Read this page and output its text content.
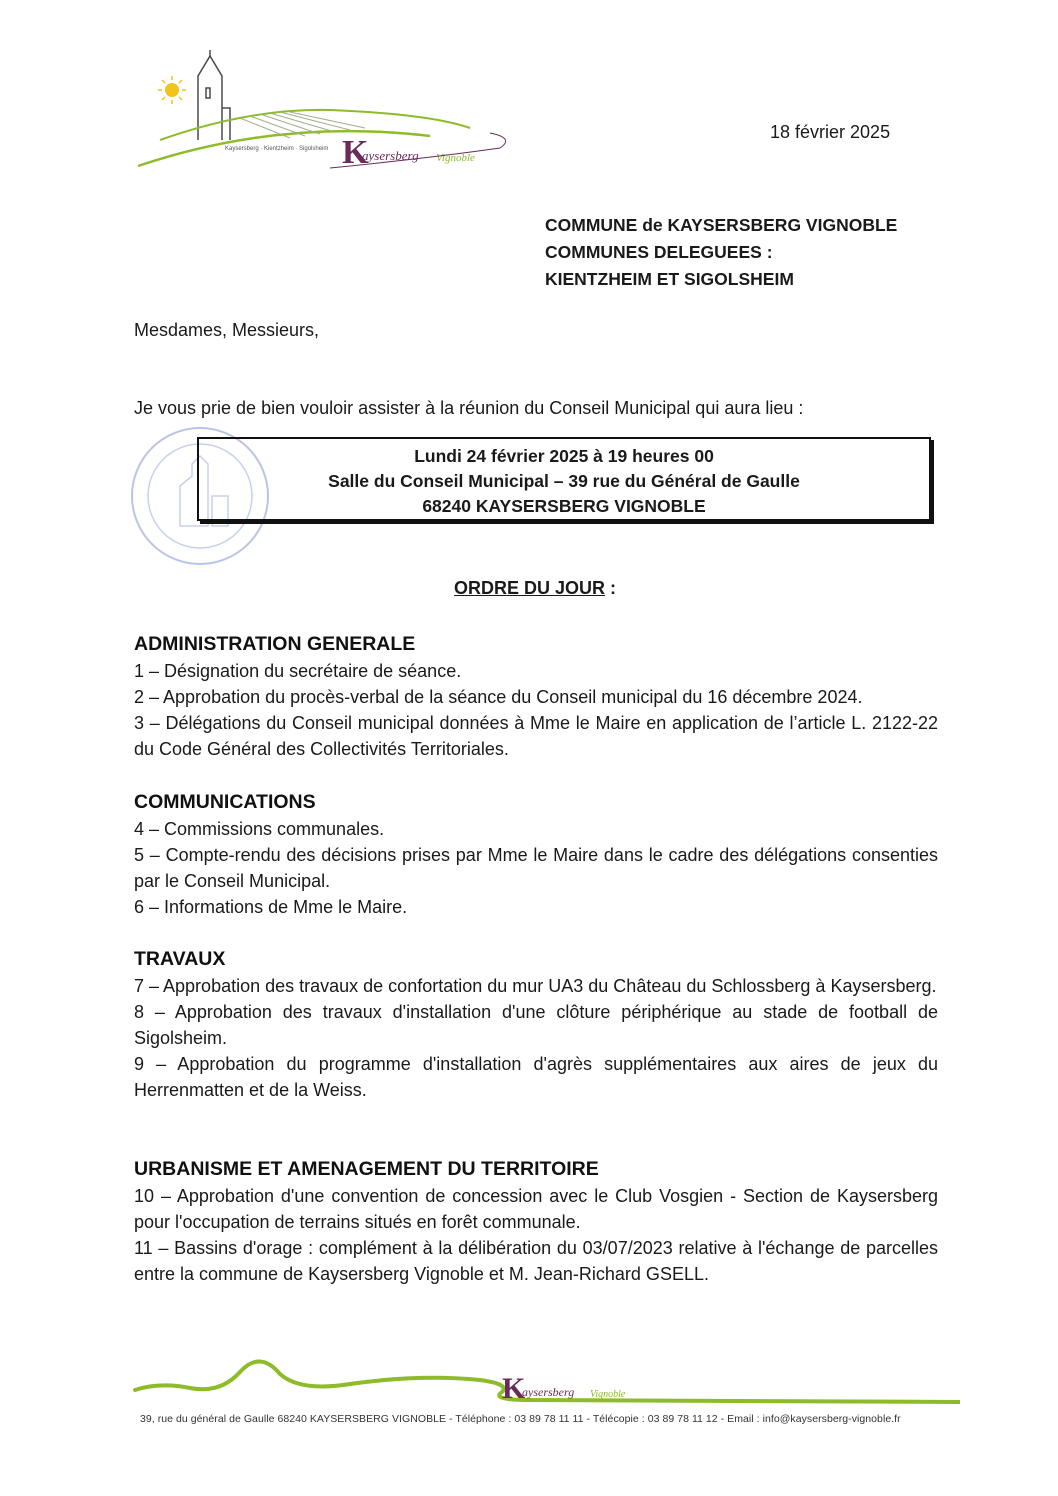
Kaysersberg · Kientzheim · Sigolsheim K
aysersberg Vignoble
18 février 2025
COMMUNE de KAYSERSBERG VIGNOBLE
COMMUNES DELEGUEES :
KIENTZHEIM ET SIGOLSHEIM
Mesdames, Messieurs,
Je vous prie de bien vouloir assister à la réunion du Conseil Municipal qui aura lieu :
Lundi 24 février 2025 à 19 heures 00
Salle du Conseil Municipal – 39 rue du Général de Gaulle
68240 KAYSERSBERG VIGNOBLE
ORDRE DU JOUR :
ADMINISTRATION GENERALE

1 – Désignation du secrétaire de séance.

2 – Approbation du procès-verbal de la séance du Conseil municipal du 16 décembre 2024.

3 – Délégations du Conseil municipal données à Mme le Maire en application de l’article L. 2122-22 du Code Général des Collectivités Territoriales.

COMMUNICATIONS

4 – Commissions communales.

5 – Compte-rendu des décisions prises par Mme le Maire dans le cadre des délégations consenties par le Conseil Municipal.

6 – Informations de Mme le Maire.

TRAVAUX

7 – Approbation des travaux de confortation du mur UA3 du Château du Schlossberg à Kaysersberg.

8 – Approbation des travaux d'installation d'une clôture périphérique au stade de football de Sigolsheim.

9 – Approbation du programme d'installation d'agrès supplémentaires aux aires de jeux du Herrenmatten et de la Weiss.

URBANISME ET AMENAGEMENT DU TERRITOIRE

10 – Approbation d'une convention de concession avec le Club Vosgien - Section de Kaysersberg pour l'occupation de terrains situés en forêt communale.

11 – Bassins d'orage : complément à la délibération du 03/07/2023 relative à l'échange de parcelles entre la commune de Kaysersberg Vignoble et M. Jean-Richard GSELL.

K
aysersberg Vignoble
39, rue du général de Gaulle 68240 KAYSERSBERG VIGNOBLE - Téléphone : 03 89 78 11 11 - Télécopie : 03 89 78 11 12 - Email : info@kaysersberg-vignoble.fr
